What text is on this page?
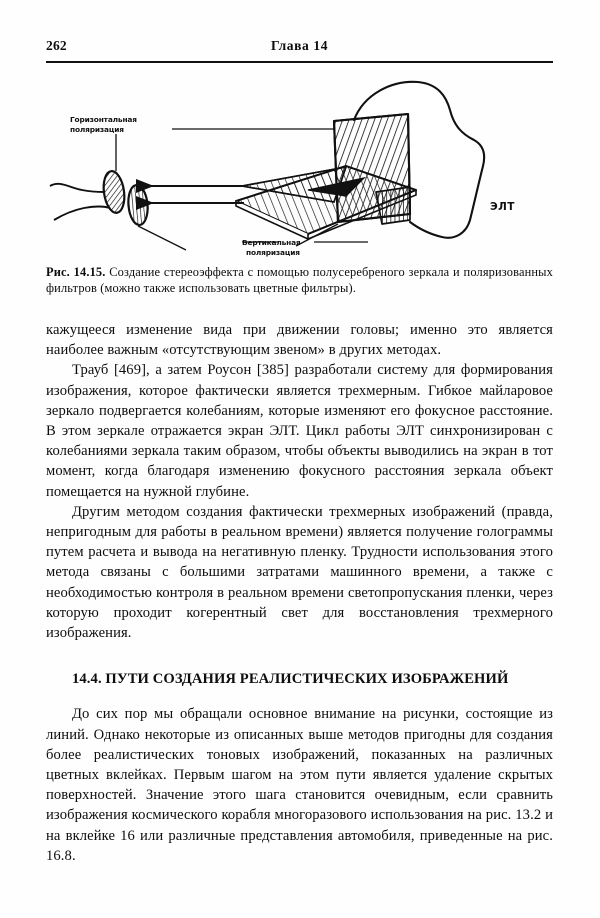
262	Глава 14
Горизонтальная
поляризация
Вертикальная
поляризация
ЭЛТ
Рис. 14.15. Создание стереоэффекта с помощью полусеребреного зеркала и поляризованных фильтров (можно также использовать цветные фильтры).

кажущееся изменение вида при движении головы; именно это является наиболее важным «отсутствующим звеном» в других методах.

Трауб [469], а затем Роусон [385] разработали систему для формирования изображения, которое фактически является трехмерным. Гибкое майларовое зеркало подвергается колебаниям, которые изменяют его фокусное расстояние. В этом зеркале отражается экран ЭЛТ. Цикл работы ЭЛТ синхронизирован с колебаниями зеркала таким образом, чтобы объекты выводились на экран в тот момент, когда благодаря изменению фокусного расстояния зеркала объект помещается на нужной глубине.

Другим методом создания фактически трехмерных изображений (правда, непригодным для работы в реальном времени) является получение голограммы путем расчета и вывода на негативную пленку. Трудности использования этого метода связаны с большими затратами машинного времени, а также с необходимостью контроля в реальном времени светопропускания пленки, через которую проходит когерентный свет для восстановления трехмерного изображения.

14.4. ПУТИ СОЗДАНИЯ РЕАЛИСТИЧЕСКИХ ИЗОБРАЖЕНИЙ

До сих пор мы обращали основное внимание на рисунки, состоящие из линий. Однако некоторые из описанных выше методов пригодны для создания более реалистических тоновых изображений, показанных на различных цветных вклейках. Первым шагом на этом пути является удаление скрытых поверхностей. Значение этого шага становится очевидным, если сравнить изображения космического корабля многоразового использования на рис. 13.2 и на вклейке 16 или различные представления автомобиля, приведенные на рис. 16.8.
